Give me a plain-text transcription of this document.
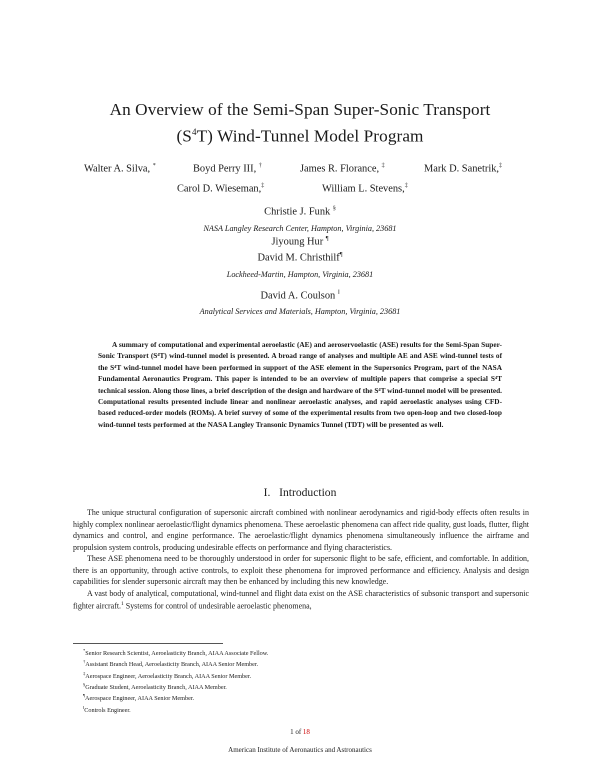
An Overview of the Semi-Span Super-Sonic Transport
$(S^4T)$ Wind-Tunnel Model Program
Walter A. Silva, *	Boyd Perry III, †	James R. Florance, ‡	Mark D. Sanetrik,‡
Carol D. Wieseman,‡	William L. Stevens,‡
Christie J. Funk §
NASA Langley Research Center, Hampton, Virginia, 23681
Jiyoung Hur ¶
David M. Christhilf¶
Lockheed-Martin, Hampton, Virginia, 23681
David A. Coulson ‖
Analytical Services and Materials, Hampton, Virginia, 23681
A summary of computational and experimental aeroelastic (AE) and aeroservoelastic (ASE) results for the Semi-Span Super-Sonic Transport (S⁴T) wind-tunnel model is presented. A broad range of analyses and multiple AE and ASE wind-tunnel tests of the S⁴T wind-tunnel model have been performed in support of the ASE element in the Supersonics Program, part of the NASA Fundamental Aeronautics Program. This paper is intended to be an overview of multiple papers that comprise a special S⁴T technical session. Along those lines, a brief description of the design and hardware of the S⁴T wind-tunnel model will be presented. Computational results presented include linear and nonlinear aeroelastic analyses, and rapid aeroelastic analyses using CFD-based reduced-order models (ROMs). A brief survey of some of the experimental results from two open-loop and two closed-loop wind-tunnel tests performed at the NASA Langley Transonic Dynamics Tunnel (TDT) will be presented as well.
I. Introduction

The unique structural configuration of supersonic aircraft combined with nonlinear aerodynamics and rigid-body effects often results in highly complex nonlinear aeroelastic/flight dynamics phenomena. These aeroelastic phenomena can affect ride quality, gust loads, flutter, flight dynamics and control, and engine performance. The aeroelastic/flight dynamics phenomena simultaneously influence the airframe and propulsion system controls, producing undesirable effects on performance and flying characteristics.

These ASE phenomena need to be thoroughly understood in order for supersonic flight to be safe, efficient, and comfortable. In addition, there is an opportunity, through active controls, to exploit these phenomena for improved performance and efficiency. Analysis and design capabilities for slender supersonic aircraft may then be enhanced by including this new knowledge.

A vast body of analytical, computational, wind-tunnel and flight data exist on the ASE characteristics of subsonic transport and supersonic fighter aircraft.$^1$ Systems for control of undesirable aeroelastic phenomena,

*Senior Research Scientist, Aeroelasticity Branch, AIAA Associate Fellow.
†Assistant Branch Head, Aeroelasticity Branch, AIAA Senior Member.
‡Aerospace Engineer, Aeroelasticity Branch, AIAA Senior Member.
§Graduate Student, Aeroelasticity Branch, AIAA Member.
¶Aerospace Engineer, AIAA Senior Member.
‖Controls Engineer.
1 of 18
American Institute of Aeronautics and Astronautics
